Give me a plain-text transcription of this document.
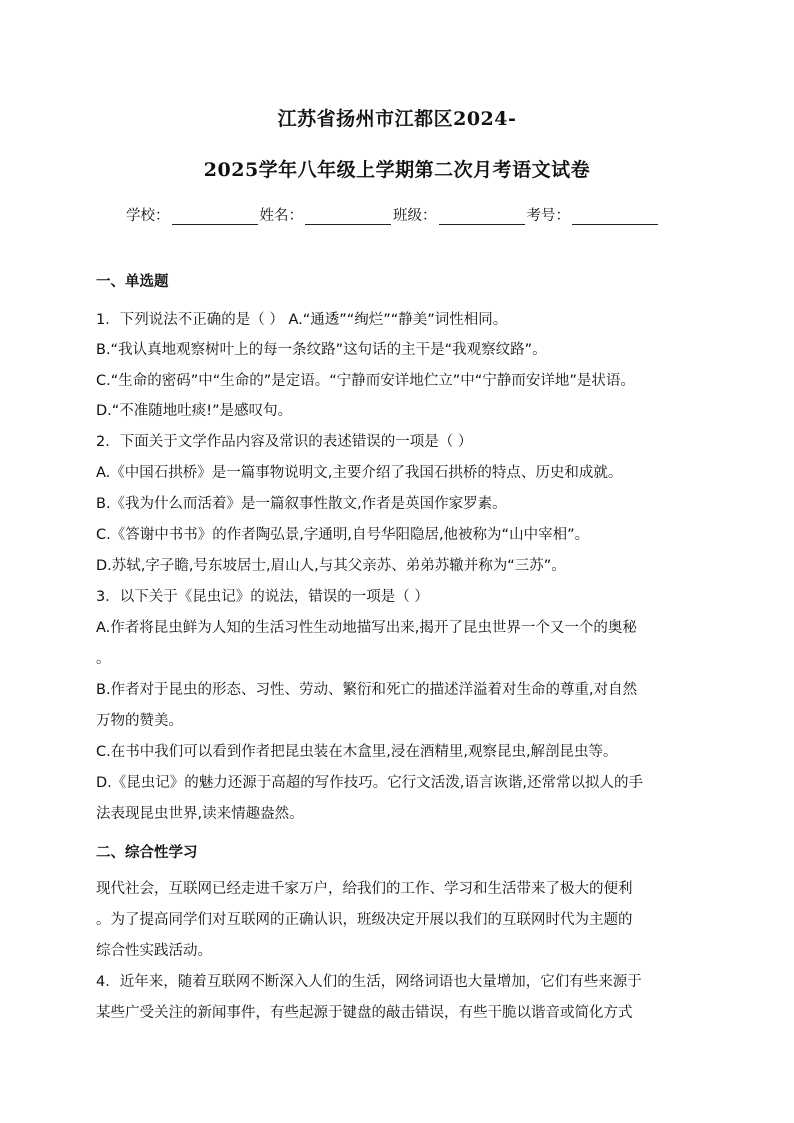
江苏省扬州市江都区2024-
2025学年八年级上学期第二次月考语文试卷
学校：	姓名：	班级：	考号：
一、单选题
1．下列说法不正确的是（ ） A.“通透”“绚烂”“静美”词性相同。
B.“我认真地观察树叶上的每一条纹路”这句话的主干是“我观察纹路”。
C.“生命的密码”中“生命的”是定语。“宁静而安详地伫立”中“宁静而安详地”是状语。
D.“不准随地吐痰!”是感叹句。
2．下面关于文学作品内容及常识的表述错误的一项是（ ）
A.《中国石拱桥》是一篇事物说明文,主要介绍了我国石拱桥的特点、历史和成就。
B.《我为什么而活着》是一篇叙事性散文,作者是英国作家罗素。
C.《答谢中书书》的作者陶弘景,字通明,自号华阳隐居,他被称为“山中宰相”。
D.苏轼,字子瞻,号东坡居士,眉山人,与其父亲苏、弟弟苏辙并称为“三苏”。
3．以下关于《昆虫记》的说法，错误的一项是（ ）
A.作者将昆虫鲜为人知的生活习性生动地描写出来,揭开了昆虫世界一个又一个的奥秘
。
B.作者对于昆虫的形态、习性、劳动、繁衍和死亡的描述洋溢着对生命的尊重,对自然
万物的赞美。
C.在书中我们可以看到作者把昆虫装在木盒里,浸在酒精里,观察昆虫,解剖昆虫等。
D.《昆虫记》的魅力还源于高超的写作技巧。它行文活泼,语言诙谐,还常常以拟人的手
法表现昆虫世界,读来情趣盎然。
二、综合性学习
现代社会，互联网已经走进千家万户，给我们的工作、学习和生活带来了极大的便利
。为了提高同学们对互联网的正确认识，班级决定开展以我们的互联网时代为主题的
综合性实践活动。
4．近年来，随着互联网不断深入人们的生活，网络词语也大量增加，它们有些来源于
某些广受关注的新闻事件，有些起源于键盘的敲击错误，有些干脆以谐音或简化方式
